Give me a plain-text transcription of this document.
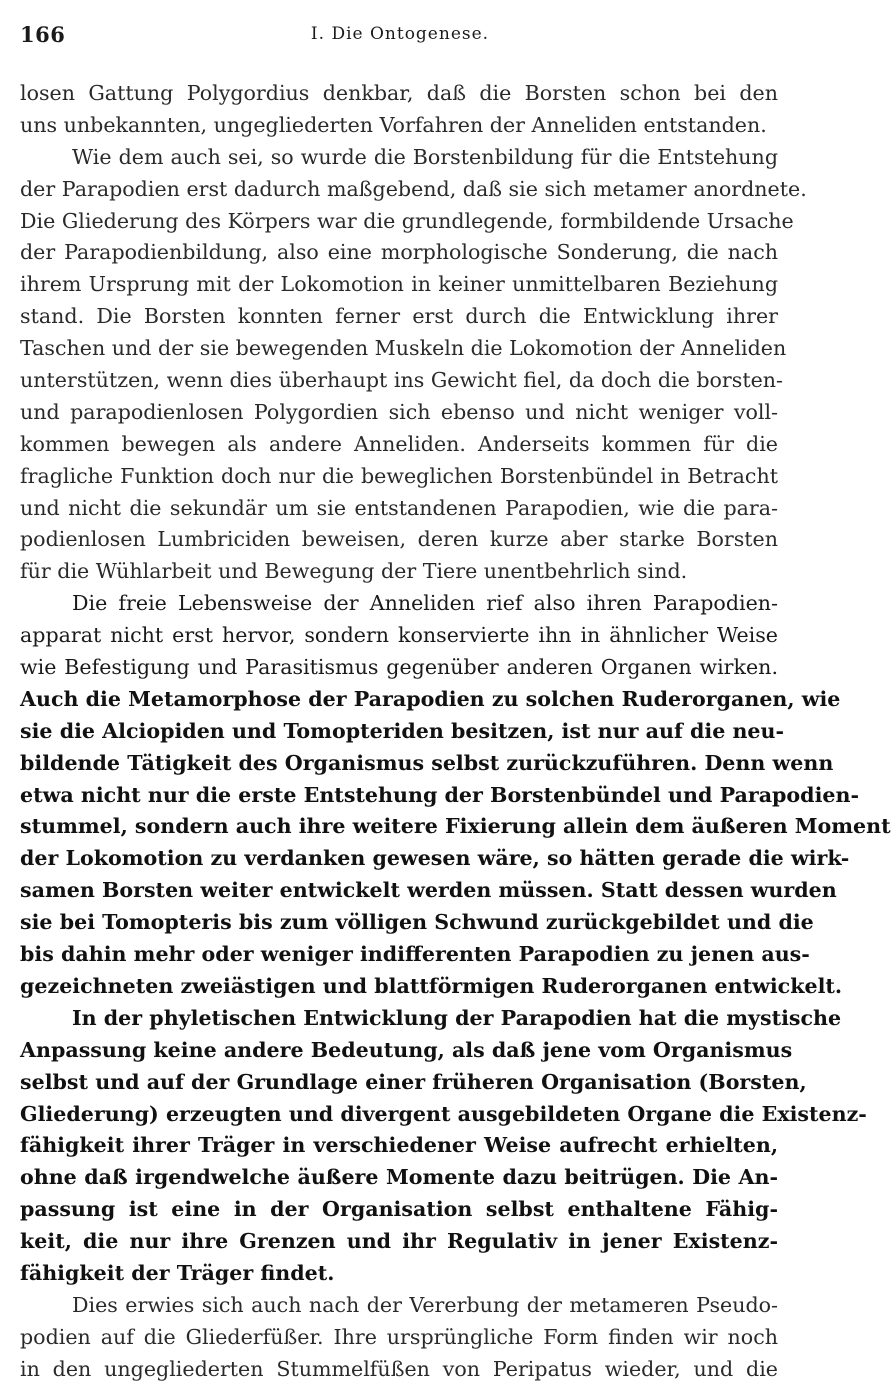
166	I. Die Ontogenese.
losen Gattung Polygordius denkbar, daß die Borsten schon bei den
uns unbekannten, ungegliederten Vorfahren der Anneliden entstanden.
Wie dem auch sei, so wurde die Borstenbildung für die Entstehung
der Parapodien erst dadurch maßgebend, daß sie sich metamer anordnete.
Die Gliederung des Körpers war die grundlegende, formbildende Ursache
der Parapodienbildung, also eine morphologische Sonderung, die nach
ihrem Ursprung mit der Lokomotion in keiner unmittelbaren Beziehung
stand. Die Borsten konnten ferner erst durch die Entwicklung ihrer
Taschen und der sie bewegenden Muskeln die Lokomotion der Anneliden
unterstützen, wenn dies überhaupt ins Gewicht fiel, da doch die borsten-
und parapodienlosen Polygordien sich ebenso und nicht weniger voll-
kommen bewegen als andere Anneliden. Anderseits kommen für die
fragliche Funktion doch nur die beweglichen Borstenbündel in Betracht
und nicht die sekundär um sie entstandenen Parapodien, wie die para-
podienlosen Lumbriciden beweisen, deren kurze aber starke Borsten
für die Wühlarbeit und Bewegung der Tiere unentbehrlich sind.
Die freie Lebensweise der Anneliden rief also ihren Parapodien-
apparat nicht erst hervor, sondern konservierte ihn in ähnlicher Weise
wie Befestigung und Parasitismus gegenüber anderen Organen wirken.
Auch die Metamorphose der Parapodien zu solchen Ruderorganen, wie
sie die Alciopiden und Tomopteriden besitzen, ist nur auf die neu-
bildende Tätigkeit des Organismus selbst zurückzuführen. Denn wenn
etwa nicht nur die erste Entstehung der Borstenbündel und Parapodien-
stummel, sondern auch ihre weitere Fixierung allein dem äußeren Moment
der Lokomotion zu verdanken gewesen wäre, so hätten gerade die wirk-
samen Borsten weiter entwickelt werden müssen. Statt dessen wurden
sie bei Tomopteris bis zum völligen Schwund zurückgebildet und die
bis dahin mehr oder weniger indifferenten Parapodien zu jenen aus-
gezeichneten zweiästigen und blattförmigen Ruderorganen entwickelt.
In der phyletischen Entwicklung der Parapodien hat die mystische
Anpassung keine andere Bedeutung, als daß jene vom Organismus
selbst und auf der Grundlage einer früheren Organisation (Borsten,
Gliederung) erzeugten und divergent ausgebildeten Organe die Existenz-
fähigkeit ihrer Träger in verschiedener Weise aufrecht erhielten,
ohne daß irgendwelche äußere Momente dazu beitrügen. Die An-
passung ist eine in der Organisation selbst enthaltene Fähig-
keit, die nur ihre Grenzen und ihr Regulativ in jener Existenz-
fähigkeit der Träger findet.
Dies erwies sich auch nach der Vererbung der metameren Pseudo-
podien auf die Gliederfüßer. Ihre ursprüngliche Form finden wir noch
in den ungegliederten Stummelfüßen von Peripatus wieder, und die
